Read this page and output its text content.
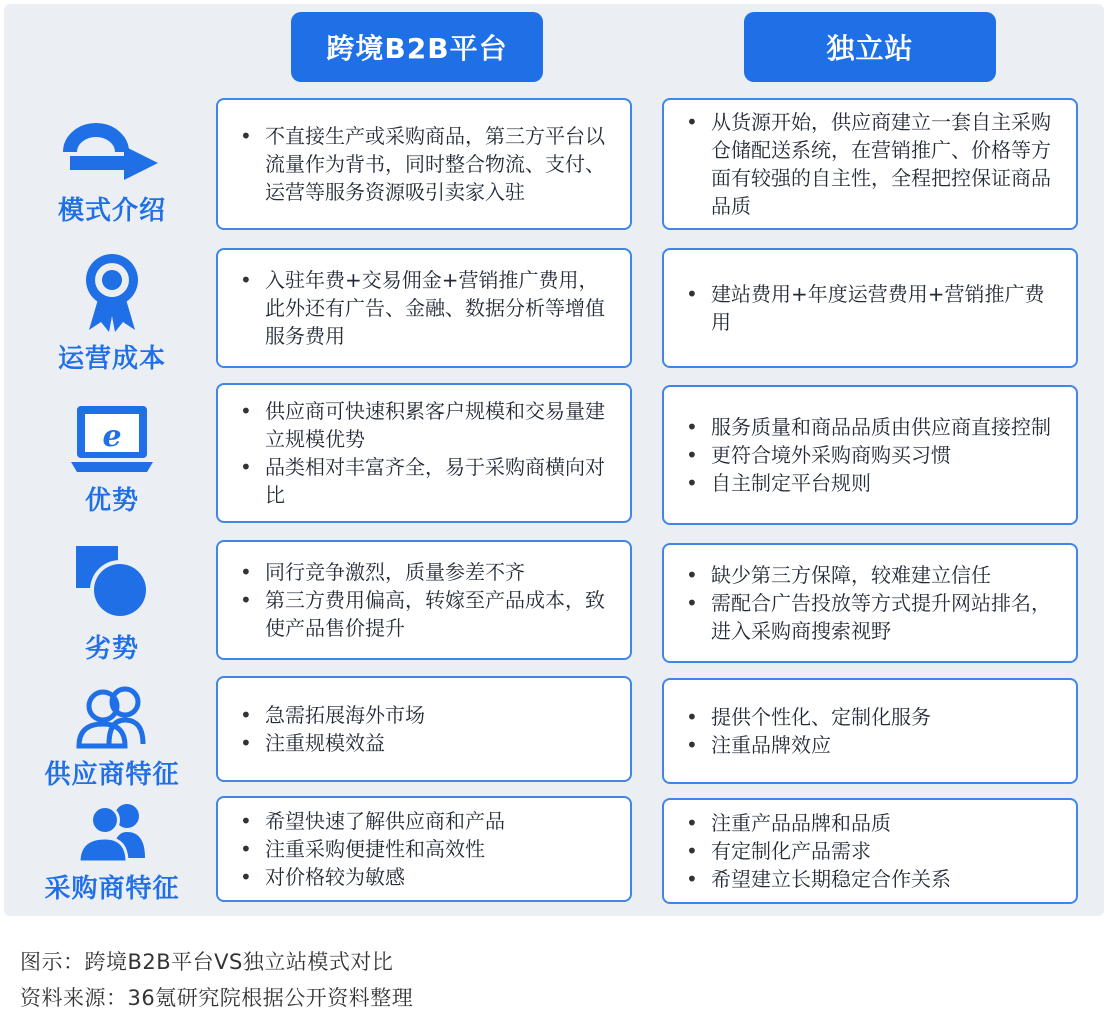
跨境B2B平台	独立站
模式介绍
• 不直接生产或采购商品，第三方平台以流量作为背书，同时整合物流、支付、运营等服务资源吸引卖家入驻
• 从货源开始，供应商建立一套自主采购仓储配送系统，在营销推广、价格等方面有较强的自主性，全程把控保证商品品质
运营成本
• 入驻年费+交易佣金+营销推广费用，此外还有广告、金融、数据分析等增值服务费用
• 建站费用+年度运营费用+营销推广费用
e
优势
• 供应商可快速积累客户规模和交易量建立规模优势
• 品类相对丰富齐全，易于采购商横向对比
• 服务质量和商品品质由供应商直接控制
• 更符合境外采购商购买习惯
• 自主制定平台规则
劣势
• 同行竞争激烈，质量参差不齐
• 第三方费用偏高，转嫁至产品成本，致使产品售价提升
• 缺少第三方保障，较难建立信任
• 需配合广告投放等方式提升网站排名，进入采购商搜索视野
供应商特征
• 急需拓展海外市场
• 注重规模效益
• 提供个性化、定制化服务
• 注重品牌效应
采购商特征
• 希望快速了解供应商和产品
• 注重采购便捷性和高效性
• 对价格较为敏感
• 注重产品品牌和品质
• 有定制化产品需求
• 希望建立长期稳定合作关系
图示：跨境B2B平台VS独立站模式对比
资料来源：36氪研究院根据公开资料整理
